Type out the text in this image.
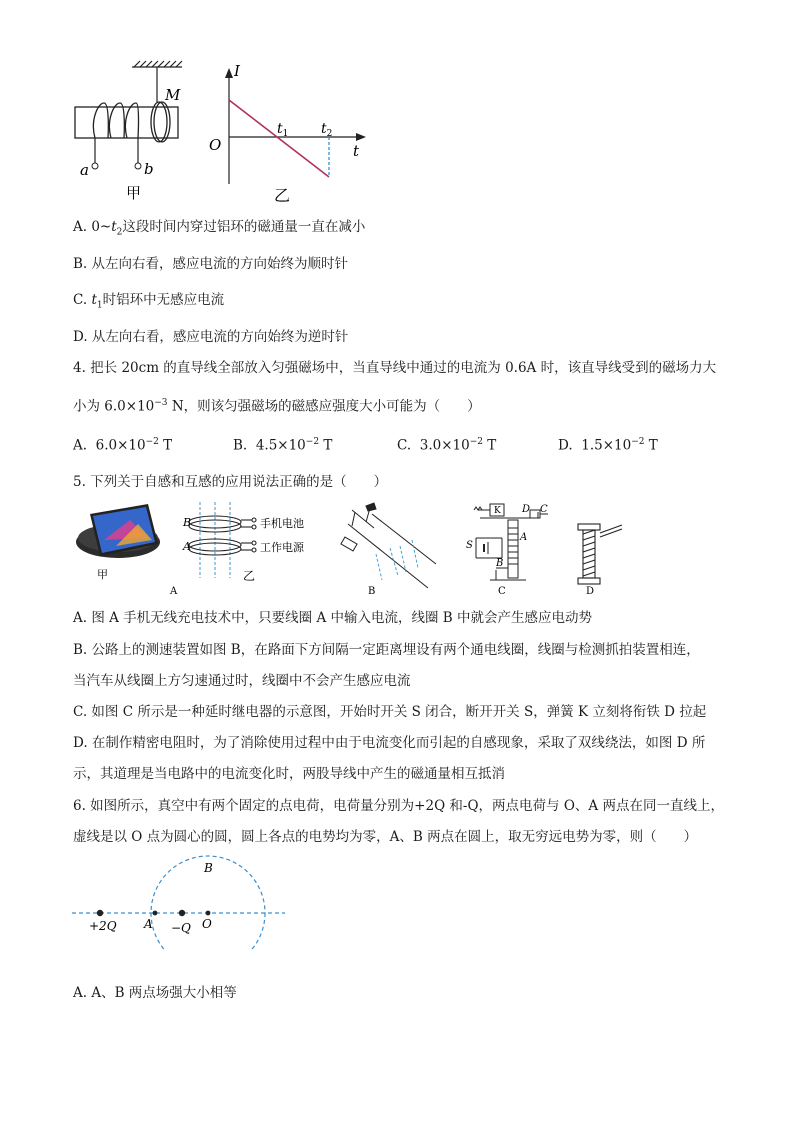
M
a	b
甲
I
O	t
$t_1$ $t_2$
乙
A. $0\sim t_2$这段时间内穿过铝环的磁通量一直在减小
B. 从左向右看，感应电流的方向始终为顺时针
C. $t_1$时铝环中无感应电流
D. 从左向右看，感应电流的方向始终为逆时针
4. 把长 20cm 的直导线全部放入匀强磁场中，当直导线中通过的电流为 0.6A 时，该直导线受到的磁场力大
小为 $6.0\times 10^{-3}$ N，则该匀强磁场的磁感应强度大小可能为（　　）
A. $6.0\times 10^{-2}$ T	B. $4.5\times 10^{-2}$ T	C. $3.0\times 10^{-2}$ T	D. $1.5\times 10^{-2}$ T
5. 下列关于自感和互感的应用说法正确的是（　　）
甲
A
B
A
手机电池
工作电源
乙
B
K D C
S
A
B
C	D
A. 图 A 手机无线充电技术中，只要线圈 A 中输入电流，线圈 B 中就会产生感应电动势
B. 公路上的测速装置如图 B，在路面下方间隔一定距离埋设有两个通电线圈，线圈与检测抓拍装置相连，
当汽车从线圈上方匀速通过时，线圈中不会产生感应电流
C. 如图 C 所示是一种延时继电器的示意图，开始时开关 S 闭合，断开开关 S，弹簧 K 立刻将衔铁 D 拉起
D. 在制作精密电阻时，为了消除使用过程中由于电流变化而引起的自感现象，采取了双线绕法，如图 D 所
示，其道理是当电路中的电流变化时，两股导线中产生的磁通量相互抵消
6. 如图所示，真空中有两个固定的点电荷，电荷量分别为+2Q 和-Q，两点电荷与 O、A 两点在同一直线上，
虚线是以 O 点为圆心的圆，圆上各点的电势均为零，A、B 两点在圆上，取无穷远电势为零，则（　　）
B
+2Q A −Q O
A. A、B 两点场强大小相等
